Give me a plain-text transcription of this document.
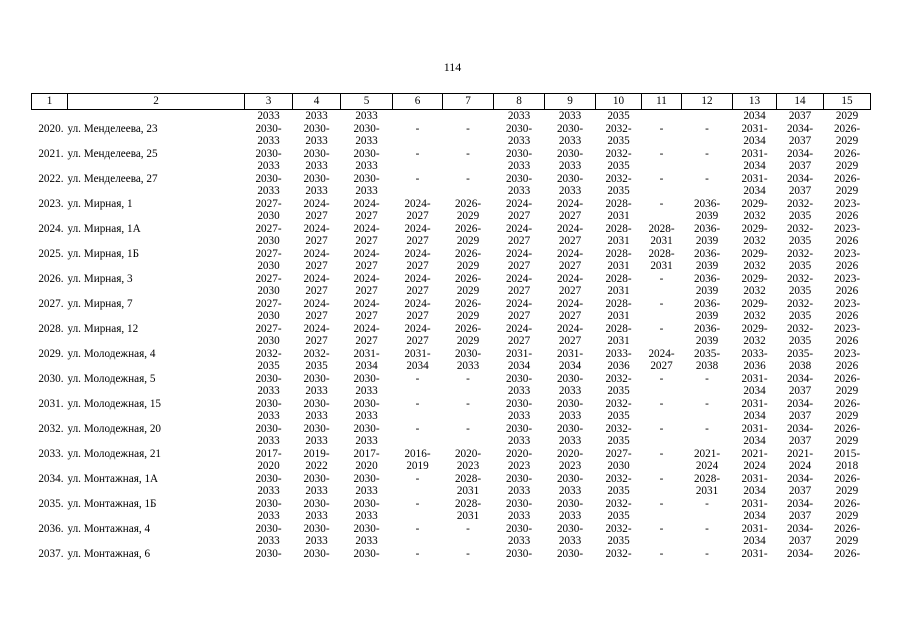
114
1	2	3	4	5	6	7	8	9	10	11	12	13	14	15
		2033	2033	2033			2033	2033	2035			2034	2037	2029
2020.	ул. Менделеева, 23	2030-	2030-	2030-	-	-	2030-	2030-	2032-	-	-	2031-	2034-	2026-
		2033	2033	2033			2033	2033	2035			2034	2037	2029
2021.	ул. Менделеева, 25	2030-	2030-	2030-	-	-	2030-	2030-	2032-	-	-	2031-	2034-	2026-
		2033	2033	2033			2033	2033	2035			2034	2037	2029
2022.	ул. Менделеева, 27	2030-	2030-	2030-	-	-	2030-	2030-	2032-	-	-	2031-	2034-	2026-
		2033	2033	2033			2033	2033	2035			2034	2037	2029
2023.	ул. Мирная, 1	2027-	2024-	2024-	2024-	2026-	2024-	2024-	2028-	-	2036-	2029-	2032-	2023-
		2030	2027	2027	2027	2029	2027	2027	2031		2039	2032	2035	2026
2024.	ул. Мирная, 1А	2027-	2024-	2024-	2024-	2026-	2024-	2024-	2028-	2028-	2036-	2029-	2032-	2023-
		2030	2027	2027	2027	2029	2027	2027	2031	2031	2039	2032	2035	2026
2025.	ул. Мирная, 1Б	2027-	2024-	2024-	2024-	2026-	2024-	2024-	2028-	2028-	2036-	2029-	2032-	2023-
		2030	2027	2027	2027	2029	2027	2027	2031	2031	2039	2032	2035	2026
2026.	ул. Мирная, 3	2027-	2024-	2024-	2024-	2026-	2024-	2024-	2028-	-	2036-	2029-	2032-	2023-
		2030	2027	2027	2027	2029	2027	2027	2031		2039	2032	2035	2026
2027.	ул. Мирная, 7	2027-	2024-	2024-	2024-	2026-	2024-	2024-	2028-	-	2036-	2029-	2032-	2023-
		2030	2027	2027	2027	2029	2027	2027	2031		2039	2032	2035	2026
2028.	ул. Мирная, 12	2027-	2024-	2024-	2024-	2026-	2024-	2024-	2028-	-	2036-	2029-	2032-	2023-
		2030	2027	2027	2027	2029	2027	2027	2031		2039	2032	2035	2026
2029.	ул. Молодежная, 4	2032-	2032-	2031-	2031-	2030-	2031-	2031-	2033-	2024-	2035-	2033-	2035-	2023-
		2035	2035	2034	2034	2033	2034	2034	2036	2027	2038	2036	2038	2026
2030.	ул. Молодежная, 5	2030-	2030-	2030-	-	-	2030-	2030-	2032-	-	-	2031-	2034-	2026-
		2033	2033	2033			2033	2033	2035			2034	2037	2029
2031.	ул. Молодежная, 15	2030-	2030-	2030-	-	-	2030-	2030-	2032-	-	-	2031-	2034-	2026-
		2033	2033	2033			2033	2033	2035			2034	2037	2029
2032.	ул. Молодежная, 20	2030-	2030-	2030-	-	-	2030-	2030-	2032-	-	-	2031-	2034-	2026-
		2033	2033	2033			2033	2033	2035			2034	2037	2029
2033.	ул. Молодежная, 21	2017-	2019-	2017-	2016-	2020-	2020-	2020-	2027-	-	2021-	2021-	2021-	2015-
		2020	2022	2020	2019	2023	2023	2023	2030		2024	2024	2024	2018
2034.	ул. Монтажная, 1А	2030-	2030-	2030-	-	2028-	2030-	2030-	2032-	-	2028-	2031-	2034-	2026-
		2033	2033	2033		2031	2033	2033	2035		2031	2034	2037	2029
2035.	ул. Монтажная, 1Б	2030-	2030-	2030-	-	2028-	2030-	2030-	2032-	-	-	2031-	2034-	2026-
		2033	2033	2033		2031	2033	2033	2035			2034	2037	2029
2036.	ул. Монтажная, 4	2030-	2030-	2030-	-	-	2030-	2030-	2032-	-	-	2031-	2034-	2026-
		2033	2033	2033			2033	2033	2035			2034	2037	2029
2037.	ул. Монтажная, 6	2030-	2030-	2030-	-	-	2030-	2030-	2032-	-	-	2031-	2034-	2026-
